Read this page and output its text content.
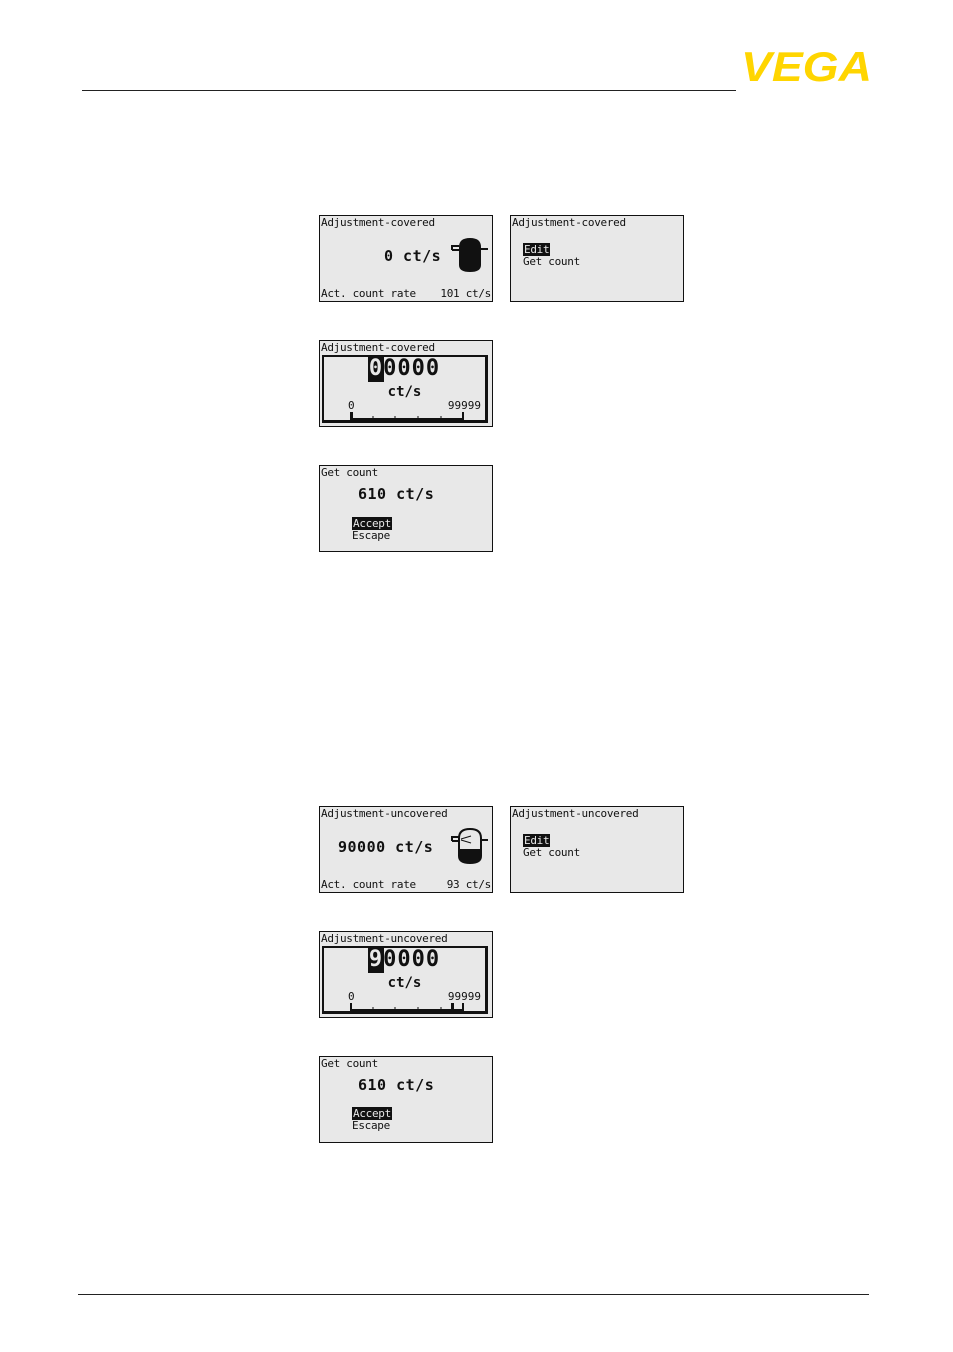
VEGA
Adjustment-covered
0 ct/s
Act. count rate 101 ct/s
Adjustment-covered
Edit
Get count
Adjustment-covered
00000
ct/s
0	99999
Get count
610 ct/s
Accept
Escape
Adjustment-uncovered
90000 ct/s
Act. count rate	93 ct/s
Adjustment-uncovered
Edit
Get count
Adjustment-uncovered
90000
ct/s
0	99999
Get count
610 ct/s
Accept
Escape
